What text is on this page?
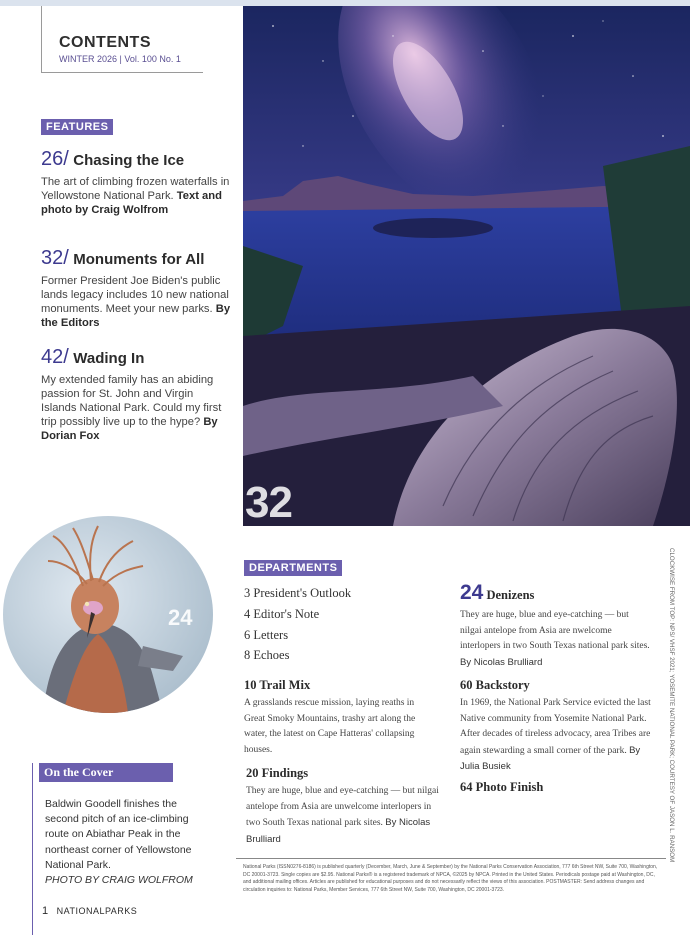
CONTENTS
WINTER 2026 | Vol. 100 No. 1
FEATURES
26/ Chasing the Ice

The art of climbing frozen waterfalls in Yellowstone National Park. Text and photo by Craig Wolfrom

32/ Monuments for All

Former President Joe Biden's public lands legacy includes 10 new national monuments. Meet your new parks. By the Editors

42/ Wading In

My extended family has an abiding passion for St. John and Virgin Islands National Park. Could my first trip possibly live up to the hype? By Dorian Fox

32
24
DEPARTMENTS
3 President's Outlook
4 Editor's Note
6 Letters
8 Echoes
10 Trail Mix

A grasslands rescue mission, laying reaths in Great Smoky Mountains, trashy art along the water, the latest on Cape Hatteras' collapsing houses.

20 Findings

They are huge, blue and eye-catching — but nilgai antelope from Asia are unwelcome interlopers in two South Texas national park sites. By Nicolas Brulliard

24 Denizens

They are huge, blue and eye-catching — but nilgai antelope from Asia are nwelcome interlopers in two South Texas national park sites. By Nicolas Brulliard

60 Backstory

In 1969, the National Park Service evicted the last Native community from Yosemite National Park. After decades of tireless advocacy, area Tribes are again stewarding a small corner of the park. By Julia Busiek

64 Photo Finish	CLOCKWISE FROM TOP: NPS/ VHSF 2021; YOSEMITE NATIONAL PARK; COURTESY OF JASON L. RANSOM
On the Cover
Baldwin Goodell finishes the second pitch of an ice-climbing route on Abiathar Peak in the northeast corner of Yellowstone National Park.
PHOTO BY CRAIG WOLFROM
National Parks (ISSN0276-8186) is published quarterly (December, March, June & September) by the National Parks Conservation Association, 777 6th Street NW, Suite 700, Washington, DC 20001-3723. Single copies are $2.95. National Parks® is a registered trademark of NPCA, ©2025 by NPCA. Printed in the United States. Periodicals postage paid at Washington, DC, and additional mailing offices. Articles are published for educational purposes and do not necessarily reflect the views of this association. POSTMASTER: Send address changes and circulation inquiries to: National Parks, Member Services, 777 6th Street NW, Suite 700, Washington, DC 20001-3723.
1 NATIONALPARKS
